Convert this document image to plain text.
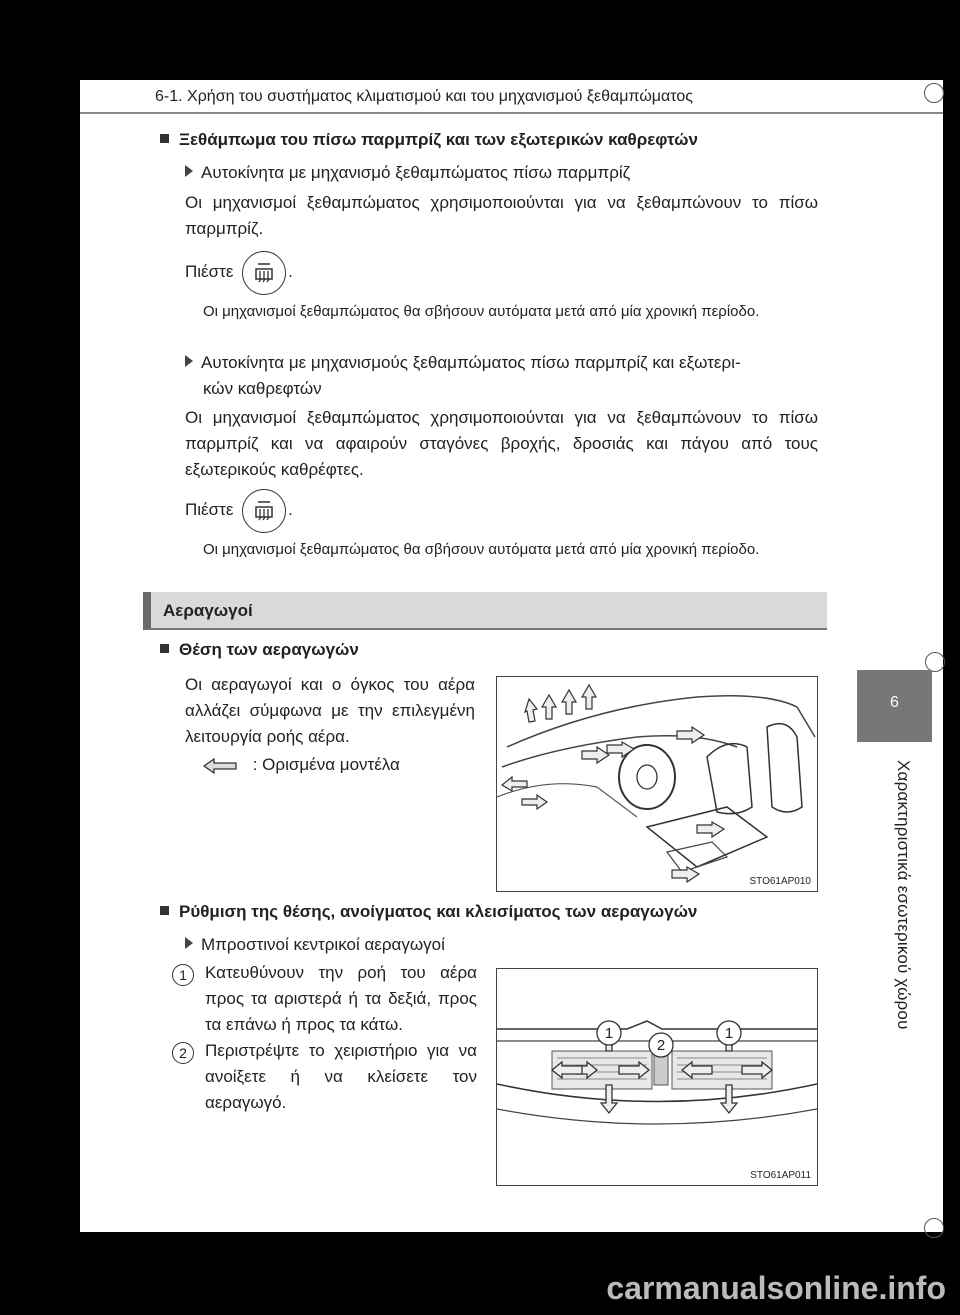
6-1. Χρήση του συστήματος κλιματισμού και του μηχανισμού ξεθαμπώματος
6
Χαρακτηριστικά εσωτερικού χώρου
Ξεθάμπωμα του πίσω παρμπρίζ και των εξωτερικών καθρεφτών
Αυτοκίνητα με μηχανισμό ξεθαμπώματος πίσω παρμπρίζ
Οι μηχανισμοί ξεθαμπώματος χρησιμοποιούνται για να ξεθαμπώνουν το πίσω παρμπρίζ.
Πιέστε	.
Οι μηχανισμοί ξεθαμπώματος θα σβήσουν αυτόματα μετά από μία χρονική περίοδο.
Αυτοκίνητα με μηχανισμούς ξεθαμπώματος πίσω παρμπρίζ και εξωτερι-
κών καθρεφτών
Οι μηχανισμοί ξεθαμπώματος χρησιμοποιούνται για να ξεθαμπώνουν το πίσω παρμπρίζ και να αφαιρούν σταγόνες βροχής, δροσιάς και πάγου από τους εξωτερικούς καθρέφτες.
Πιέστε	.
Οι μηχανισμοί ξεθαμπώματος θα σβήσουν αυτόματα μετά από μία χρονική περίοδο.
Αεραγωγοί
Θέση των αεραγωγών
Οι αεραγωγοί και ο όγκος του αέρα αλλάζει σύμφωνα με την επιλεγμένη λειτουργία ροής αέρα.
: Ορισμένα μοντέλα
STO61AP010
Ρύθμιση της θέσης, ανοίγματος και κλεισίματος των αεραγωγών
Μπροστινοί κεντρικοί αεραγωγοί
1	Κατευθύνουν την ροή του αέρα προς τα αριστερά ή τα δεξιά, προς τα επάνω ή προς τα κάτω.
2	Περιστρέψτε το χειριστήριο για να ανοίξετε ή να κλείσετε τον αεραγωγό.
1
2
1
STO61AP011
carmanualsonline.info
